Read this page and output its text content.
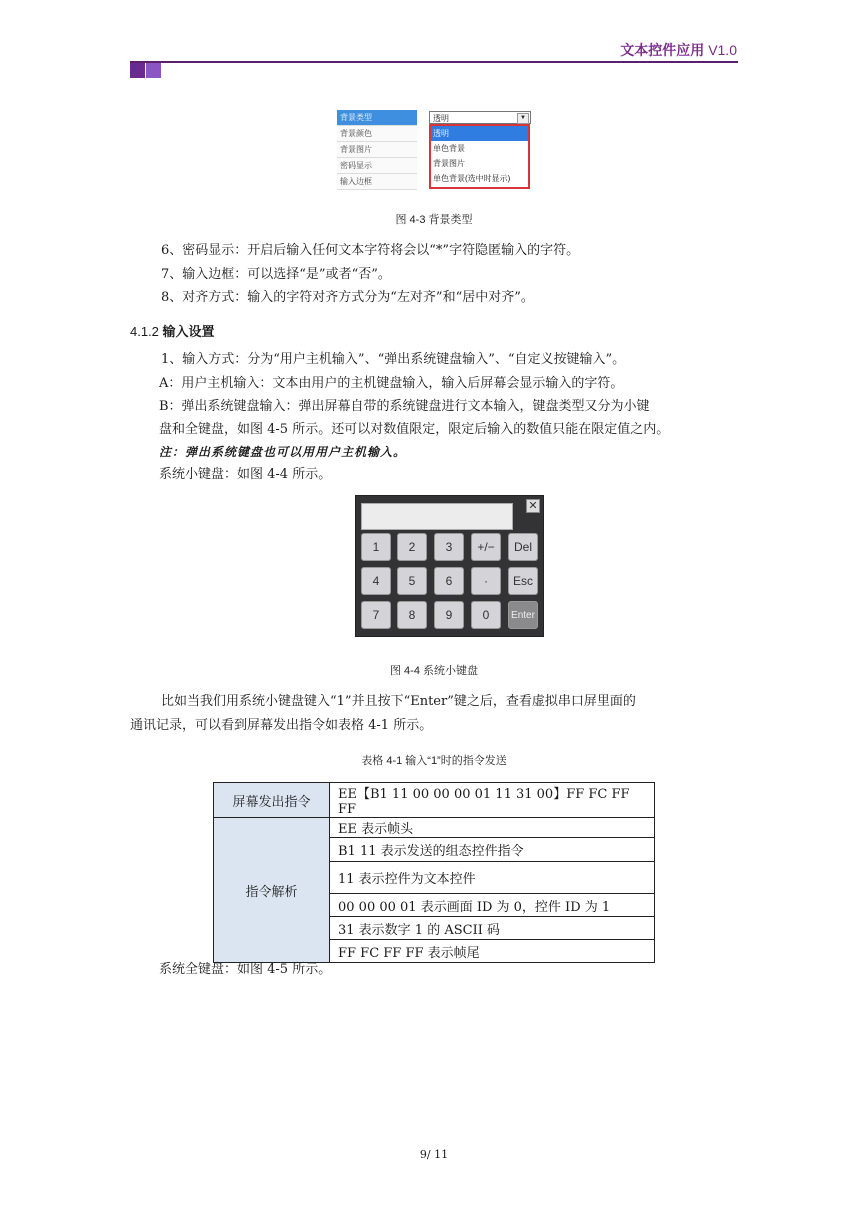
文本控件应用 V1.0
背景类型
背景颜色
背景图片
密码显示
输入边框
透明	▼
透明
单色背景
背景图片
单色背景(选中时显示)
图 4-3 背景类型
6、密码显示：开启后输入任何文本字符将会以“*”字符隐匿输入的字符。
7、输入边框：可以选择“是”或者“否”。
8、对齐方式：输入的字符对齐方式分为“左对齐”和“居中对齐”。
4.1.2 输入设置
1、输入方式：分为“用户主机输入”、“弹出系统键盘输入”、“自定义按键输入”。
A：用户主机输入：文本由用户的主机键盘输入，输入后屏幕会显示输入的字符。
B：弹出系统键盘输入：弹出屏幕自带的系统键盘进行文本输入，键盘类型又分为小键
盘和全键盘，如图 4-5 所示。还可以对数值限定，限定后输入的数值只能在限定值之内。
注：弹出系统键盘也可以用用户主机输入。
系统小键盘：如图 4-4 所示。
✕
1	2	3	+/−	Del
4	5	6	·	Esc
7	8	9	0	Enter
图 4-4 系统小键盘
比如当我们用系统小键盘键入“1”并且按下“Enter”键之后，查看虚拟串口屏里面的
通讯记录，可以看到屏幕发出指令如表格 4-1 所示。
表格 4-1 输入“1”时的指令发送
屏幕发出指令	EE【B1 11 00 00 00 01 11 31 00】FF FC FF FF
指令解析	EE 表示帧头
	B1 11 表示发送的组态控件指令
	11 表示控件为文本控件
	00 00 00 01 表示画面 ID 为 0，控件 ID 为 1
	31 表示数字 1 的 ASCII 码
	FF FC FF FF 表示帧尾
系统全键盘：如图 4-5 所示。
9/ 11
